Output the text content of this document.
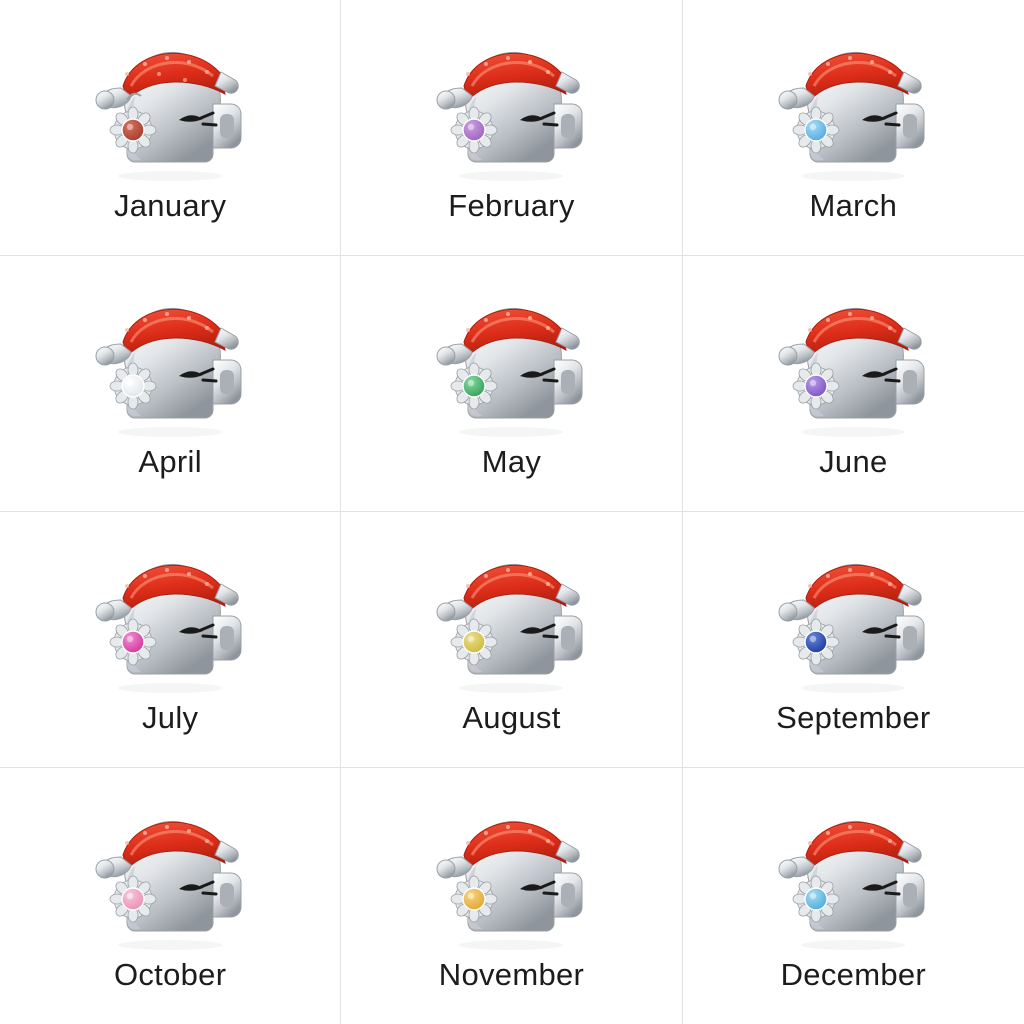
January	February	March
April	May	June
July	August	September
October	November	December
